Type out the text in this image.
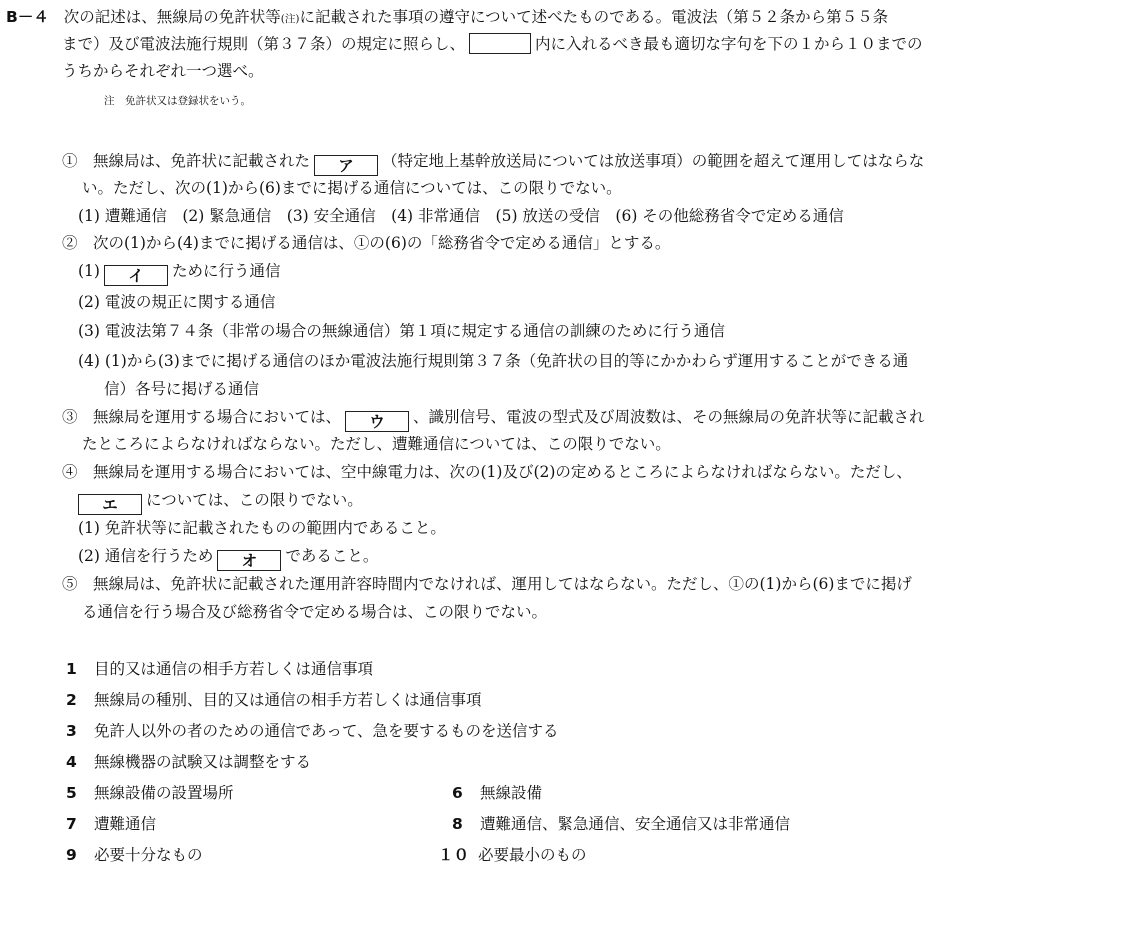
B－４ 次の記述は、無線局の免許状等(注)に記載された事項の遵守について述べたものである。電波法（第５２条から第５５条
まで）及び電波法施行規則（第３７条）の規定に照らし、	内に入れるべき最も適切な字句を下の１から１０までの
うちからそれぞれ一つ選べ。
注　免許状又は登録状をいう。
①　無線局は、免許状に記載された ア （特定地上基幹放送局については放送事項）の範囲を超えて運用してはならな
い。ただし、次の(1)から(6)までに掲げる通信については、この限りでない。
(1) 遭難通信　(2) 緊急通信　(3) 安全通信　(4) 非常通信　(5) 放送の受信　(6) その他総務省令で定める通信
②　次の(1)から(4)までに掲げる通信は、①の(6)の「総務省令で定める通信」とする。
(1) イ ために行う通信
(2) 電波の規正に関する通信
(3) 電波法第７４条（非常の場合の無線通信）第１項に規定する通信の訓練のために行う通信
(4) (1)から(3)までに掲げる通信のほか電波法施行規則第３７条（免許状の目的等にかかわらず運用することができる通
信）各号に掲げる通信
③　無線局を運用する場合においては、 ウ 、識別信号、電波の型式及び周波数は、その無線局の免許状等に記載され
たところによらなければならない。ただし、遭難通信については、この限りでない。
④　無線局を運用する場合においては、空中線電力は、次の(1)及び(2)の定めるところによらなければならない。ただし、
エ については、この限りでない。
(1) 免許状等に記載されたものの範囲内であること。
(2) 通信を行うため オ であること。
⑤　無線局は、免許状に記載された運用許容時間内でなければ、運用してはならない。ただし、①の(1)から(6)までに掲げ
る通信を行う場合及び総務省令で定める場合は、この限りでない。
1 目的又は通信の相手方若しくは通信事項
2 無線局の種別、目的又は通信の相手方若しくは通信事項
3 免許人以外の者のための通信であって、急を要するものを送信する
4 無線機器の試験又は調整をする
5 無線設備の設置場所	6 無線設備
7 遭難通信	8 遭難通信、緊急通信、安全通信又は非常通信
9 必要十分なもの	１０ 必要最小のもの
